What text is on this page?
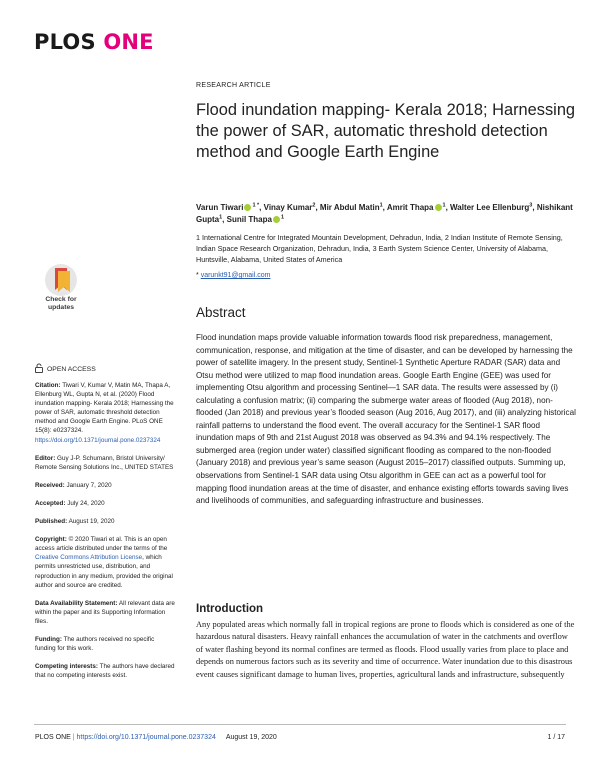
PLOS ONE
RESEARCH ARTICLE
Flood inundation mapping- Kerala 2018; Harnessing the power of SAR, automatic threshold detection method and Google Earth Engine
Varun Tiwari $^{1 *}$, Vinay Kumar$^2$, Mir Abdul Matin$^1$, Amrit Thapa $^1$, Walter Lee Ellenburg$^3$, Nishikant Gupta$^1$, Sunil Thapa $^1$
1 International Centre for Integrated Mountain Development, Dehradun, India, 2 Indian Institute of Remote Sensing, Indian Space Research Organization, Dehradun, India, 3 Earth System Science Center, University of Alabama, Huntsville, Alabama, United States of America
* varunkt91@gmail.com
Abstract
Flood inundation maps provide valuable information towards flood risk preparedness, management, communication, response, and mitigation at the time of disaster, and can be developed by harnessing the power of satellite imagery. In the present study, Sentinel-1 Synthetic Aperture RADAR (SAR) data and Otsu method were utilized to map flood inundation areas. Google Earth Engine (GEE) was used for implementing Otsu algorithm and processing Sentinel—1 SAR data. The results were assessed by (i) calculating a confusion matrix; (ii) comparing the submerge water areas of flooded (Aug 2018), non-flooded (Jan 2018) and previous year’s flooded season (Aug 2016, Aug 2017), and (iii) analyzing historical rainfall patterns to understand the flood event. The overall accuracy for the Sentinel-1 SAR flood inundation maps of 9th and 21st August 2018 was observed as 94.3% and 94.1% respectively. The submerged area (region under water) classified significant flooding as compared to the non-flooded (January 2018) and previous year’s same season (August 2015–2017) classified outputs. Summing up, observations from Sentinel-1 SAR data using Otsu algorithm in GEE can act as a powerful tool for mapping flood inundation areas at the time of disaster, and enhance existing efforts towards saving lives and livelihoods of communities, and safeguarding infrastructure and businesses.
Introduction
Any populated areas which normally fall in tropical regions are prone to floods which is considered as one of the hazardous natural disasters. Heavy rainfall enhances the accumulation of water in the catchments and overflow of water flashing beyond its normal confines are termed as floods. Flood usually varies from place to place and depends on numerous factors such as its severity and time of occurrence. Water inundation due to this disastrous event causes significant damage to human lives, properties, agricultural lands and infrastructure, subsequently
Check for
updates
OPEN ACCESS
Citation: Tiwari V, Kumar V, Matin MA, Thapa A, Ellenburg WL, Gupta N, et al. (2020) Flood inundation mapping- Kerala 2018; Harnessing the power of SAR, automatic threshold detection method and Google Earth Engine. PLoS ONE 15(8): e0237324. https://doi.org/10.1371/journal.pone.0237324
Editor: Guy J-P. Schumann, Bristol University/ Remote Sensing Solutions Inc., UNITED STATES
Received: January 7, 2020
Accepted: July 24, 2020
Published: August 19, 2020
Copyright: © 2020 Tiwari et al. This is an open access article distributed under the terms of the Creative Commons Attribution License, which permits unrestricted use, distribution, and reproduction in any medium, provided the original author and source are credited.
Data Availability Statement: All relevant data are within the paper and its Supporting Information files.
Funding: The authors received no specific funding for this work.
Competing interests: The authors have declared that no competing interests exist.
PLOS ONE | https://doi.org/10.1371/journal.pone.0237324 August 19, 2020	1 / 17
